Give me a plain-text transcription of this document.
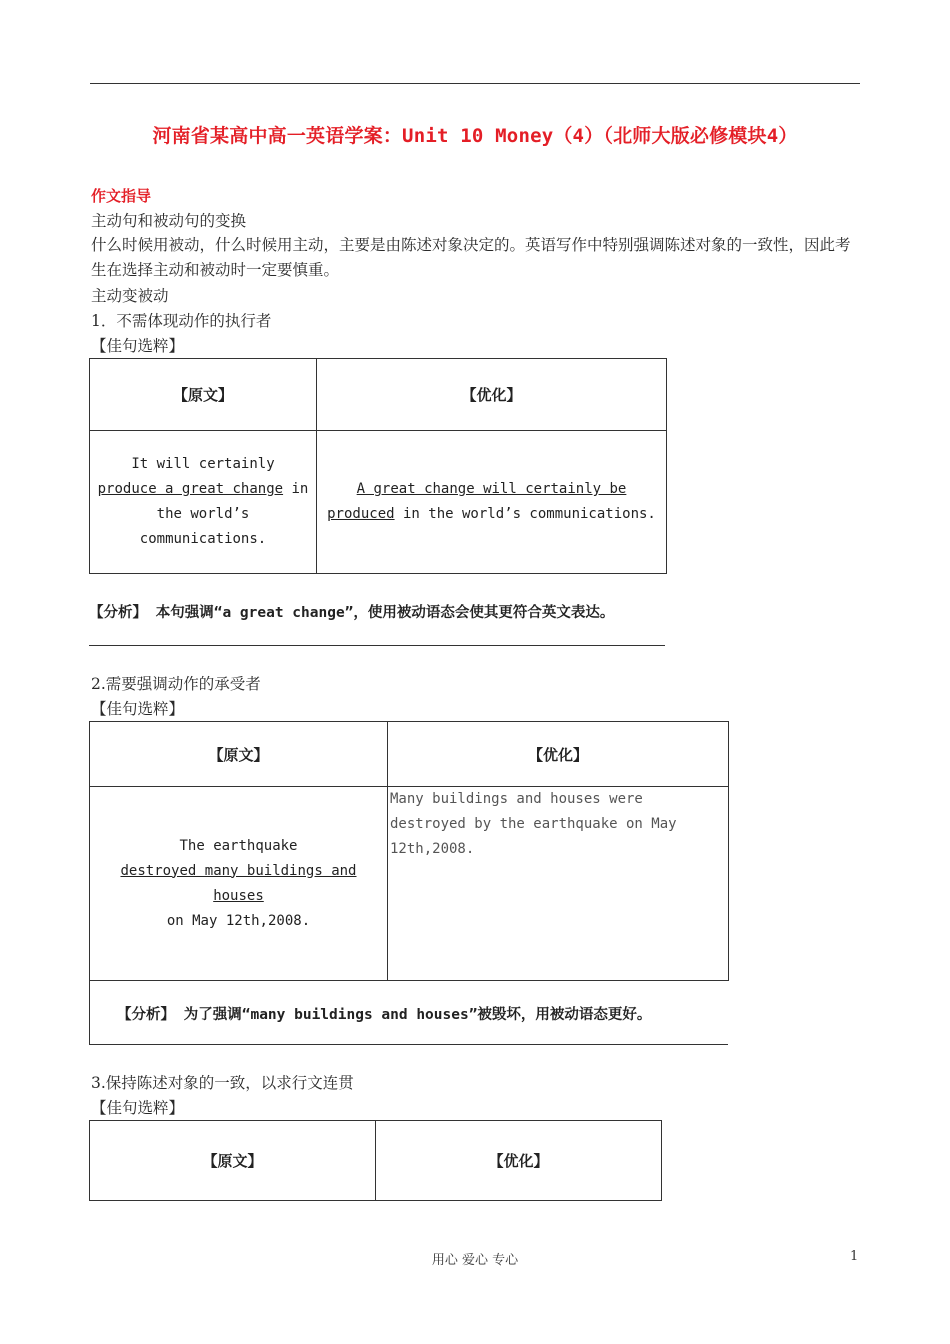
河南省某高中高一英语学案：Unit 10 Money（4）（北师大版必修模块4）
作文指导
主动句和被动句的变换
什么时候用被动，什么时候用主动，主要是由陈述对象决定的。英语写作中特别强调陈述对象的一致性，因此考生在选择主动和被动时一定要慎重。
主动变被动
1．不需体现动作的执行者
【佳句选粹】
【原文】	【优化】
It will certainly
produce a great change in the world’s communications.	A great change will certainly be produced in the world’s communications.
【分析】 本句强调“a great change”，使用被动语态会使其更符合英文表达。
2.需要强调动作的承受者
【佳句选粹】
【原文】	【优化】
The earthquake
destroyed many buildings and houses
on May 12th,2008.	Many buildings and houses were destroyed by the earthquake on May 12th,2008.
【分析】 为了强调“many buildings and houses”被毁坏，用被动语态更好。
3.保持陈述对象的一致，以求行文连贯
【佳句选粹】
【原文】	【优化】
用心 爱心 专心	1
